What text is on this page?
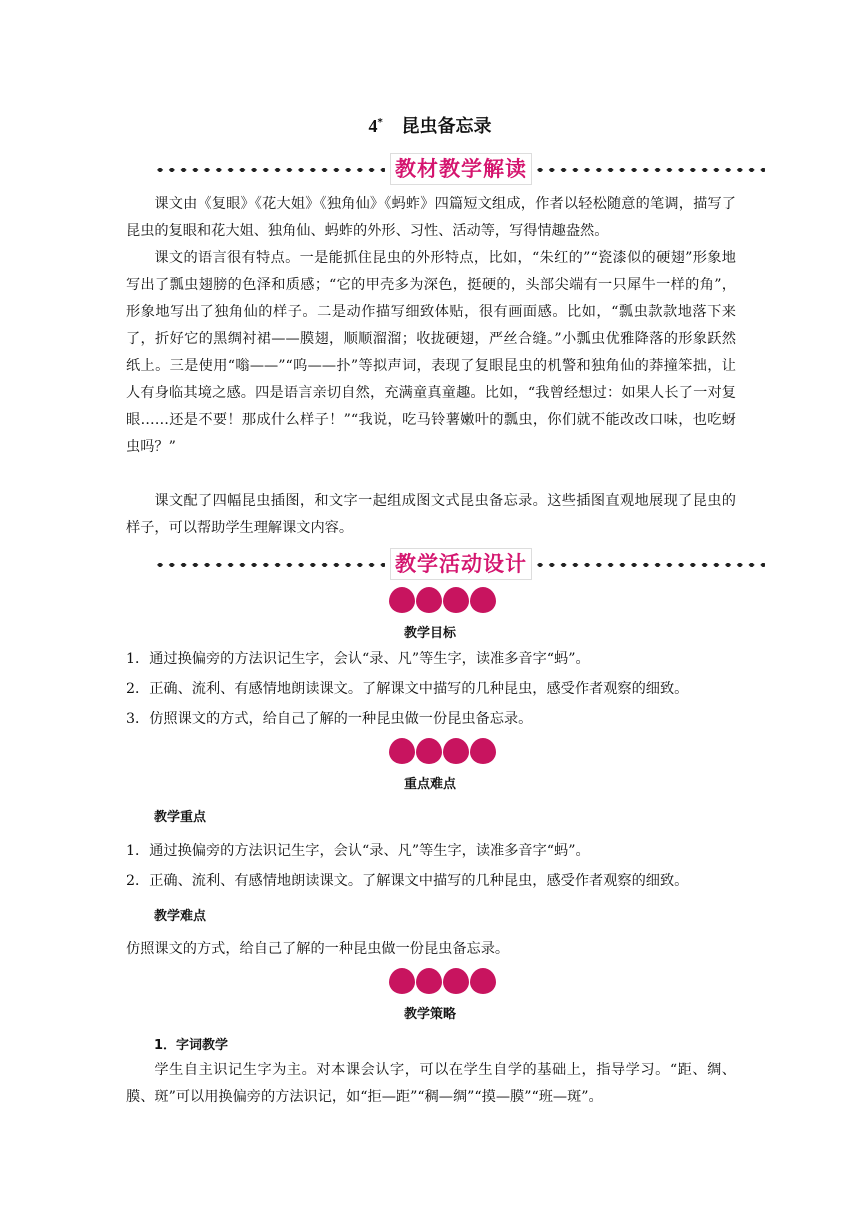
4* 昆虫备忘录
◆◆◆◆◆◆◆◆◆◆◆◆◆◆◆◆◆◆◆◆◆◆◆◆◆◆◆◆◆◆◆◆◆◆◆◆◆
教材教学解读
◆◆◆◆◆◆◆◆◆◆◆◆◆◆◆◆◆◆◆◆◆◆◆◆◆◆◆◆◆◆◆◆◆◆◆◆◆
课文由《复眼》《花大姐》《独角仙》《蚂蚱》四篇短文组成，作者以轻松随意的笔调，描写了昆虫的复眼和花大姐、独角仙、蚂蚱的外形、习性、活动等，写得情趣盎然。
课文的语言很有特点。一是能抓住昆虫的外形特点，比如，“朱红的”“瓷漆似的硬翅”形象地写出了瓢虫翅膀的色泽和质感；“它的甲壳多为深色，挺硬的，头部尖端有一只犀牛一样的角”，形象地写出了独角仙的样子。二是动作描写细致体贴，很有画面感。比如，“瓢虫款款地落下来了，折好它的黑绸衬裙——膜翅，顺顺溜溜；收拢硬翅，严丝合缝。”小瓢虫优雅降落的形象跃然纸上。三是使用“嗡——”“呜——扑”等拟声词，表现了复眼昆虫的机警和独角仙的莽撞笨拙，让人有身临其境之感。四是语言亲切自然，充满童真童趣。比如，“我曾经想过：如果人长了一对复眼……还是不要！那成什么样子！”“我说，吃马铃薯嫩叶的瓢虫，你们就不能改改口味，也吃蚜虫吗？”
课文配了四幅昆虫插图，和文字一起组成图文式昆虫备忘录。这些插图直观地展现了昆虫的样子，可以帮助学生理解课文内容。
◆◆◆◆◆◆◆◆◆◆◆◆◆◆◆◆◆◆◆◆◆◆◆◆◆◆◆◆◆◆◆◆◆◆◆◆◆
教学活动设计
◆◆◆◆◆◆◆◆◆◆◆◆◆◆◆◆◆◆◆◆◆◆◆◆◆◆◆◆◆◆◆◆◆◆◆◆◆
教学目标
1．通过换偏旁的方法识记生字，会认“录、凡”等生字，读准多音字“蚂”。
2．正确、流利、有感情地朗读课文。了解课文中描写的几种昆虫，感受作者观察的细致。
3．仿照课文的方式，给自己了解的一种昆虫做一份昆虫备忘录。
重点难点
教学重点
1．通过换偏旁的方法识记生字，会认“录、凡”等生字，读准多音字“蚂”。
2．正确、流利、有感情地朗读课文。了解课文中描写的几种昆虫，感受作者观察的细致。
教学难点
仿照课文的方式，给自己了解的一种昆虫做一份昆虫备忘录。
教学策略
1．字词教学
学生自主识记生字为主。对本课会认字，可以在学生自学的基础上，指导学习。“距、绸、膜、斑”可以用换偏旁的方法识记，如“拒—距”“稠—绸”“摸—膜”“班—斑”。
